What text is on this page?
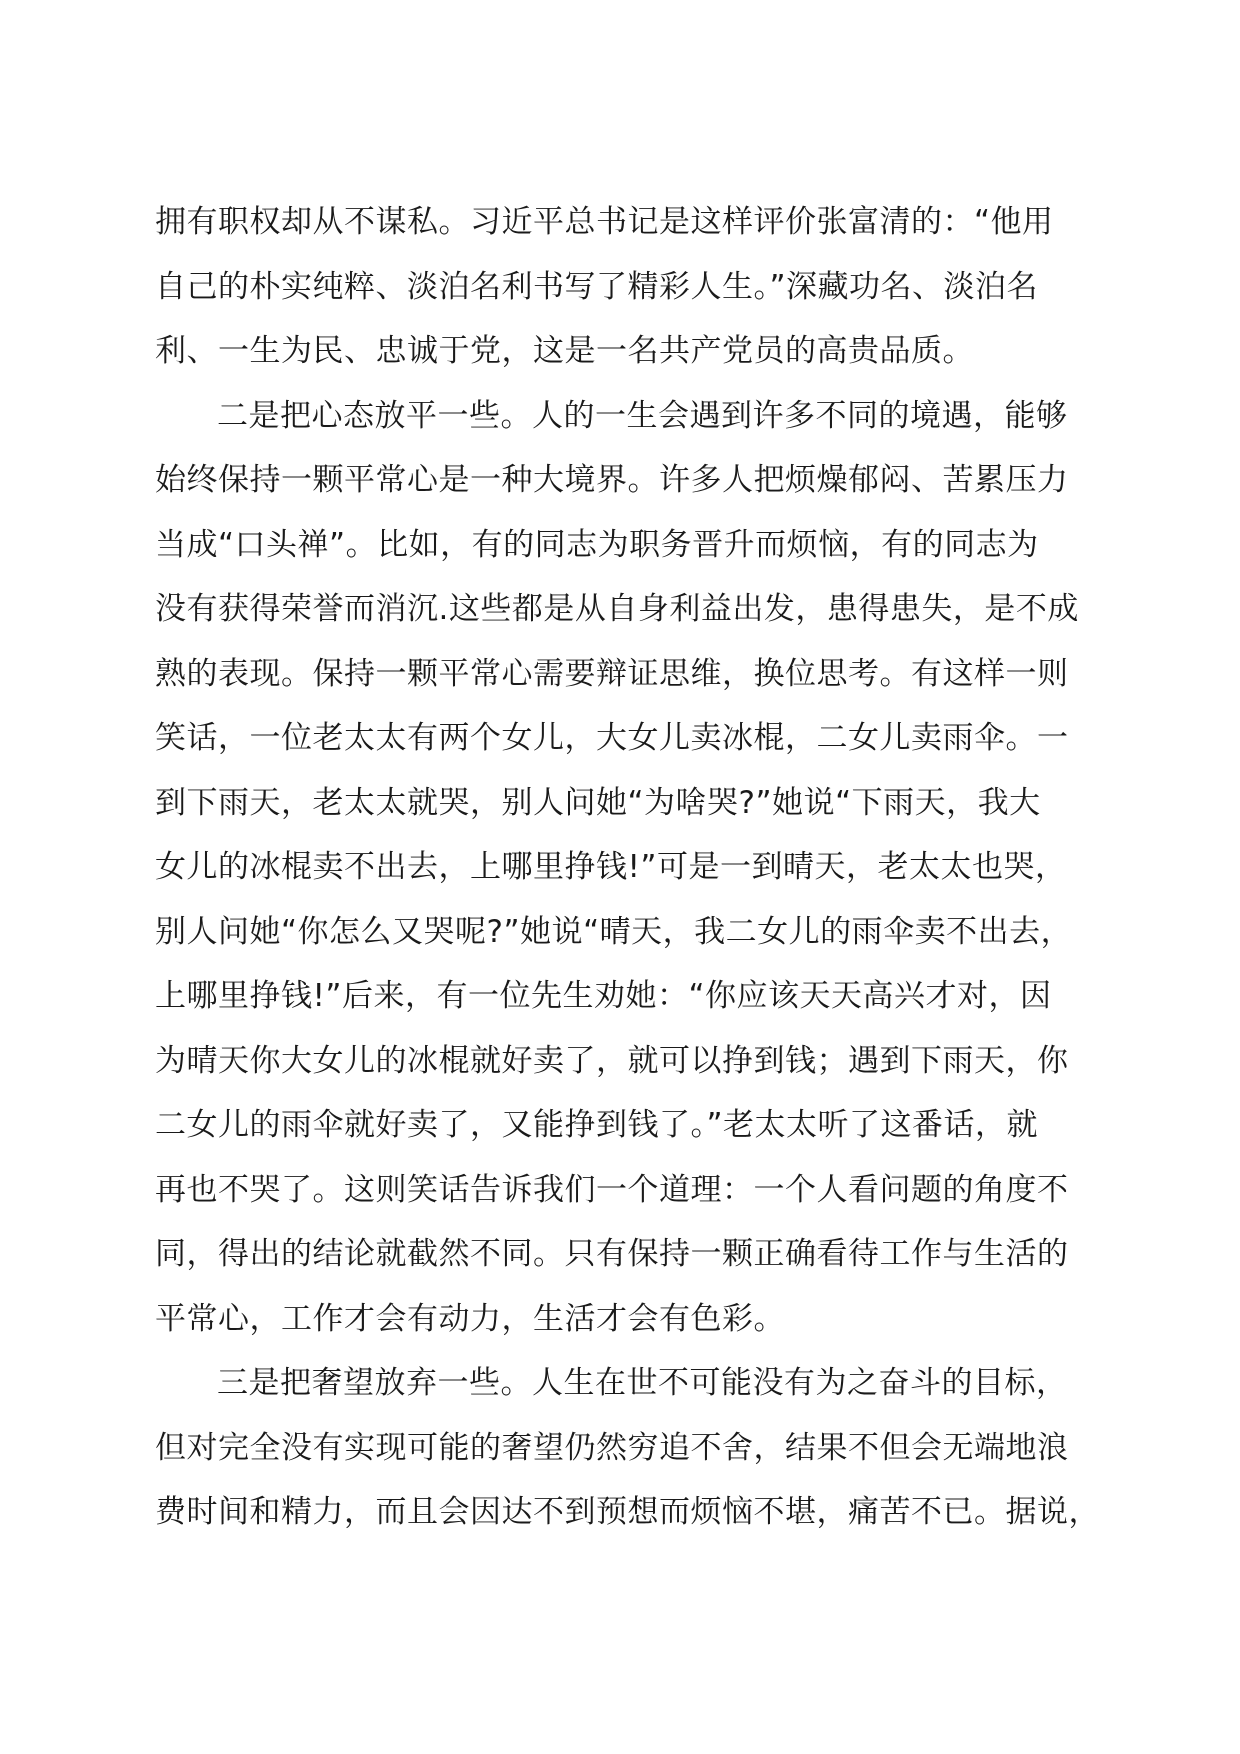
拥有职权却从不谋私。习近平总书记是这样评价张富清的：“他用
自己的朴实纯粹、淡泊名利书写了精彩人生。”深藏功名、淡泊名
利、一生为民、忠诚于党，这是一名共产党员的高贵品质。
二是把心态放平一些。人的一生会遇到许多不同的境遇，能够
始终保持一颗平常心是一种大境界。许多人把烦燥郁闷、苦累压力
当成“口头禅”。比如，有的同志为职务晋升而烦恼，有的同志为
没有获得荣誉而消沉.这些都是从自身利益出发，患得患失，是不成
熟的表现。保持一颗平常心需要辩证思维，换位思考。有这样一则
笑话，一位老太太有两个女儿，大女儿卖冰棍，二女儿卖雨伞。一
到下雨天，老太太就哭，别人问她“为啥哭?”她说“下雨天，我大
女儿的冰棍卖不出去，上哪里挣钱!”可是一到晴天，老太太也哭，
别人问她“你怎么又哭呢?”她说“晴天，我二女儿的雨伞卖不出去，
上哪里挣钱!”后来，有一位先生劝她：“你应该天天高兴才对，因
为晴天你大女儿的冰棍就好卖了，就可以挣到钱；遇到下雨天，你
二女儿的雨伞就好卖了，又能挣到钱了。”老太太听了这番话，就
再也不哭了。这则笑话告诉我们一个道理：一个人看问题的角度不
同，得出的结论就截然不同。只有保持一颗正确看待工作与生活的
平常心，工作才会有动力，生活才会有色彩。
三是把奢望放弃一些。人生在世不可能没有为之奋斗的目标，
但对完全没有实现可能的奢望仍然穷追不舍，结果不但会无端地浪
费时间和精力，而且会因达不到预想而烦恼不堪，痛苦不已。据说，
